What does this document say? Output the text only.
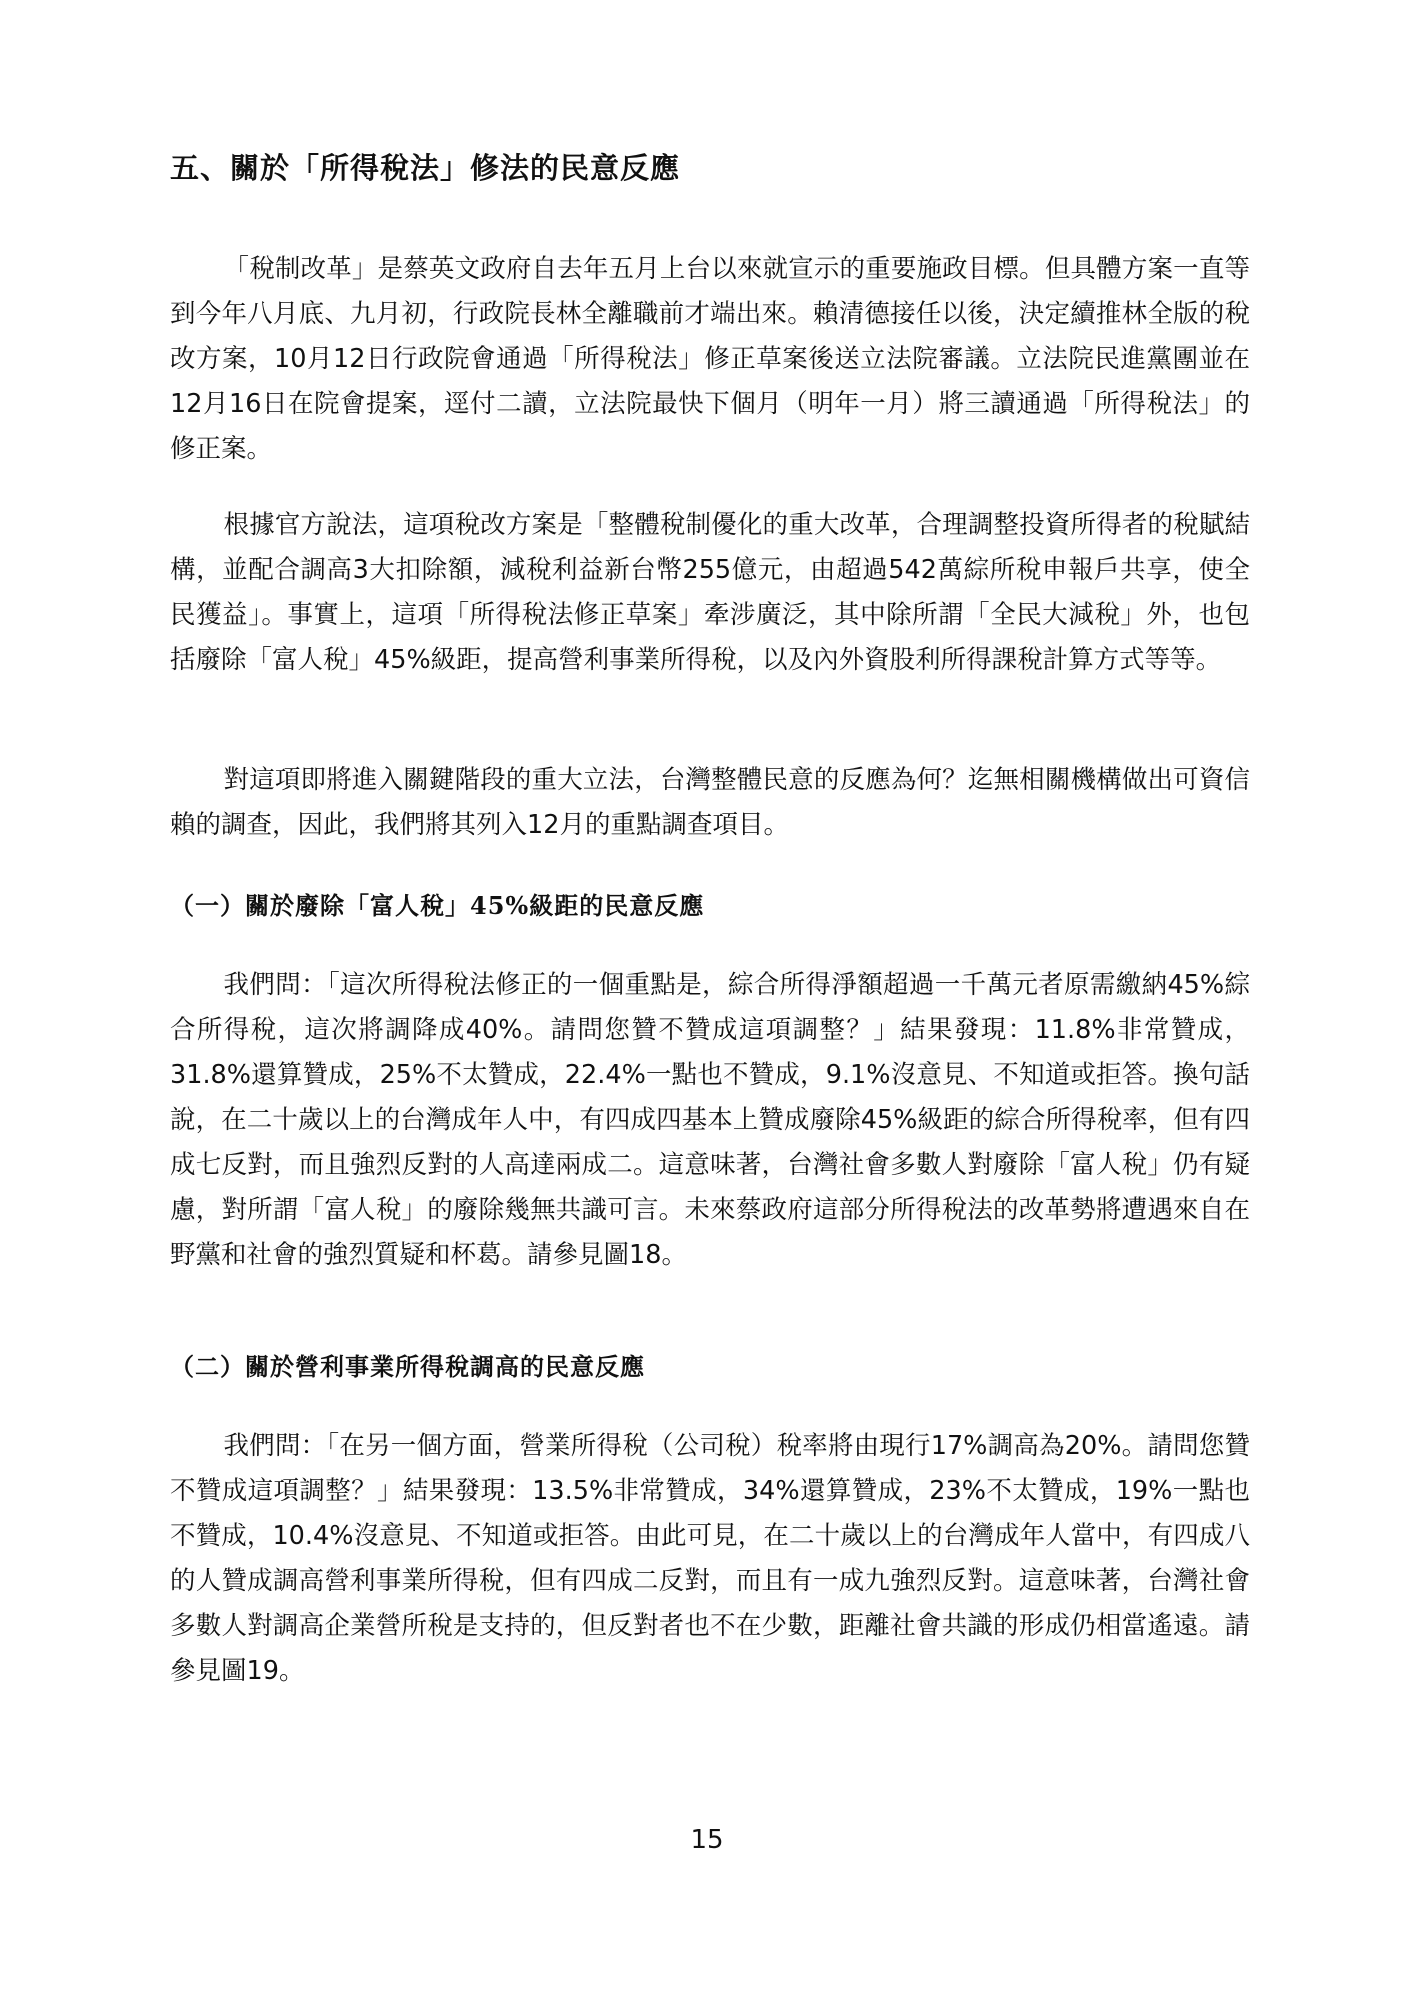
五、關於「所得稅法」修法的民意反應

「稅制改革」是蔡英文政府自去年五月上台以來就宣示的重要施政目標。但具體方案一直等到今年八月底、九月初，行政院長林全離職前才端出來。賴清德接任以後，決定續推林全版的稅改方案，10月12日行政院會通過「所得稅法」修正草案後送立法院審議。立法院民進黨團並在12月16日在院會提案，逕付二讀，立法院最快下個月（明年一月）將三讀通過「所得稅法」的修正案。

根據官方說法，這項稅改方案是「整體稅制優化的重大改革，合理調整投資所得者的稅賦結構，並配合調高3大扣除額，減稅利益新台幣255億元，由超過542萬綜所稅申報戶共享，使全民獲益」。事實上，這項「所得稅法修正草案」牽涉廣泛，其中除所謂「全民大減稅」外，也包括廢除「富人稅」45%級距，提高營利事業所得稅，以及內外資股利所得課稅計算方式等等。

對這項即將進入關鍵階段的重大立法，台灣整體民意的反應為何？迄無相關機構做出可資信賴的調查，因此，我們將其列入12月的重點調查項目。

（一）關於廢除「富人稅」45%級距的民意反應

我們問：「這次所得稅法修正的一個重點是，綜合所得淨額超過一千萬元者原需繳納45%綜合所得稅，這次將調降成40%。請問您贊不贊成這項調整？」結果發現：11.8%非常贊成，31.8%還算贊成，25%不太贊成，22.4%一點也不贊成，9.1%沒意見、不知道或拒答。換句話說，在二十歲以上的台灣成年人中，有四成四基本上贊成廢除45%級距的綜合所得稅率，但有四成七反對，而且強烈反對的人高達兩成二。這意味著，台灣社會多數人對廢除「富人稅」仍有疑慮，對所謂「富人稅」的廢除幾無共識可言。未來蔡政府這部分所得稅法的改革勢將遭遇來自在野黨和社會的強烈質疑和杯葛。請參見圖18。

（二）關於營利事業所得稅調高的民意反應

我們問：「在另一個方面，營業所得稅（公司稅）稅率將由現行17%調高為20%。請問您贊不贊成這項調整？」結果發現：13.5%非常贊成，34%還算贊成，23%不太贊成，19%一點也不贊成，10.4%沒意見、不知道或拒答。由此可見，在二十歲以上的台灣成年人當中，有四成八的人贊成調高營利事業所得稅，但有四成二反對，而且有一成九強烈反對。這意味著，台灣社會多數人對調高企業營所稅是支持的，但反對者也不在少數，距離社會共識的形成仍相當遙遠。請參見圖19。

15
